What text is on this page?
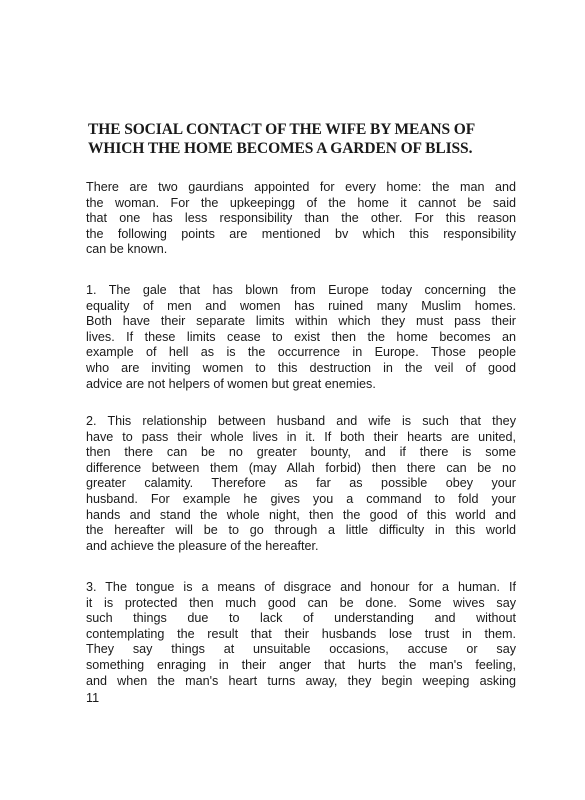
THE SOCIAL CONTACT OF THE WIFE BY MEANS OF
WHICH THE HOME BECOMES A GARDEN OF BLISS.
There are two gaurdians appointed for every home: the man and
the woman. For the upkeepingg of the home it cannot be said
that one has less responsibility than the other. For this reason
the following points are mentioned bv which this responsibility
can be known.
1. The gale that has blown from Europe today concerning the
equality of men and women has ruined many Muslim homes.
Both have their separate limits within which they must pass their
lives. If these limits cease to exist then the home becomes an
example of hell as is the occurrence in Europe. Those people
who are inviting women to this destruction in the veil of good
advice are not helpers of women but great enemies.
2. This relationship between husband and wife is such that they
have to pass their whole lives in it. If both their hearts are united,
then there can be no greater bounty, and if there is some
difference between them (may Allah forbid) then there can be no
greater calamity. Therefore as far as possible obey your
husband. For example he gives you a command to fold your
hands and stand the whole night, then the good of this world and
the hereafter will be to go through a little difficulty in this world
and achieve the pleasure of the hereafter.
3. The tongue is a means of disgrace and honour for a human. If
it is protected then much good can be done. Some wives say
such things due to lack of understanding and without
contemplating the result that their husbands lose trust in them.
They say things at unsuitable occasions, accuse or say
something enraging in their anger that hurts the man's feeling,
and when the man's heart turns away, they begin weeping asking
11
